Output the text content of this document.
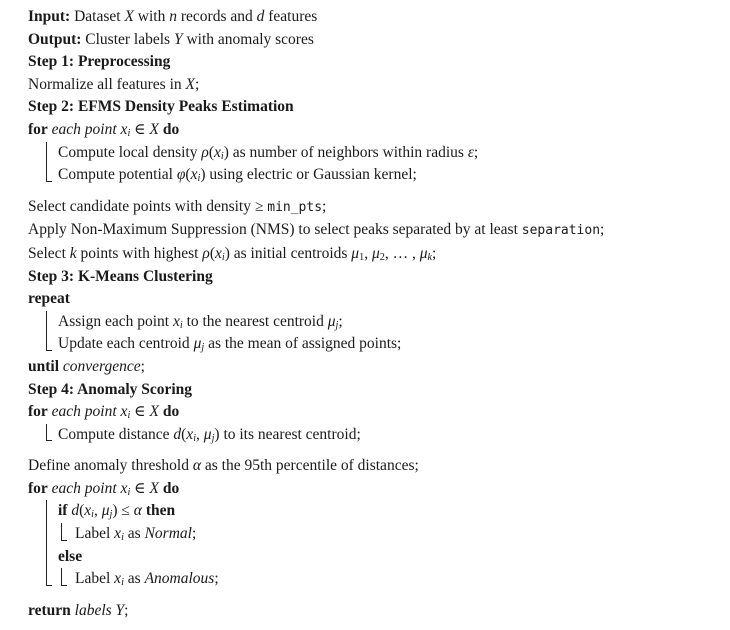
Input: Dataset X with n records and d features
Output: Cluster labels Y with anomaly scores
Step 1: Preprocessing
Normalize all features in X;
Step 2: EFMS Density Peaks Estimation
for each point xi ∈ X do
Compute local density ρ(xi) as number of neighbors within radius ε;
Compute potential φ(xi) using electric or Gaussian kernel;
Select candidate points with density ≥ min_pts;
Apply Non-Maximum Suppression (NMS) to select peaks separated by at least separation;
Select k points with highest ρ(xi) as initial centroids μ1, μ2, … , μk;
Step 3: K-Means Clustering
repeat
Assign each point xi to the nearest centroid μj;
Update each centroid μj as the mean of assigned points;
until convergence;
Step 4: Anomaly Scoring
for each point xi ∈ X do
Compute distance d(xi, μj) to its nearest centroid;
Define anomaly threshold α as the 95th percentile of distances;
for each point xi ∈ X do
if d(xi, μj) ≤ α then
Label xi as Normal;
else
Label xi as Anomalous;
return labels Y;
